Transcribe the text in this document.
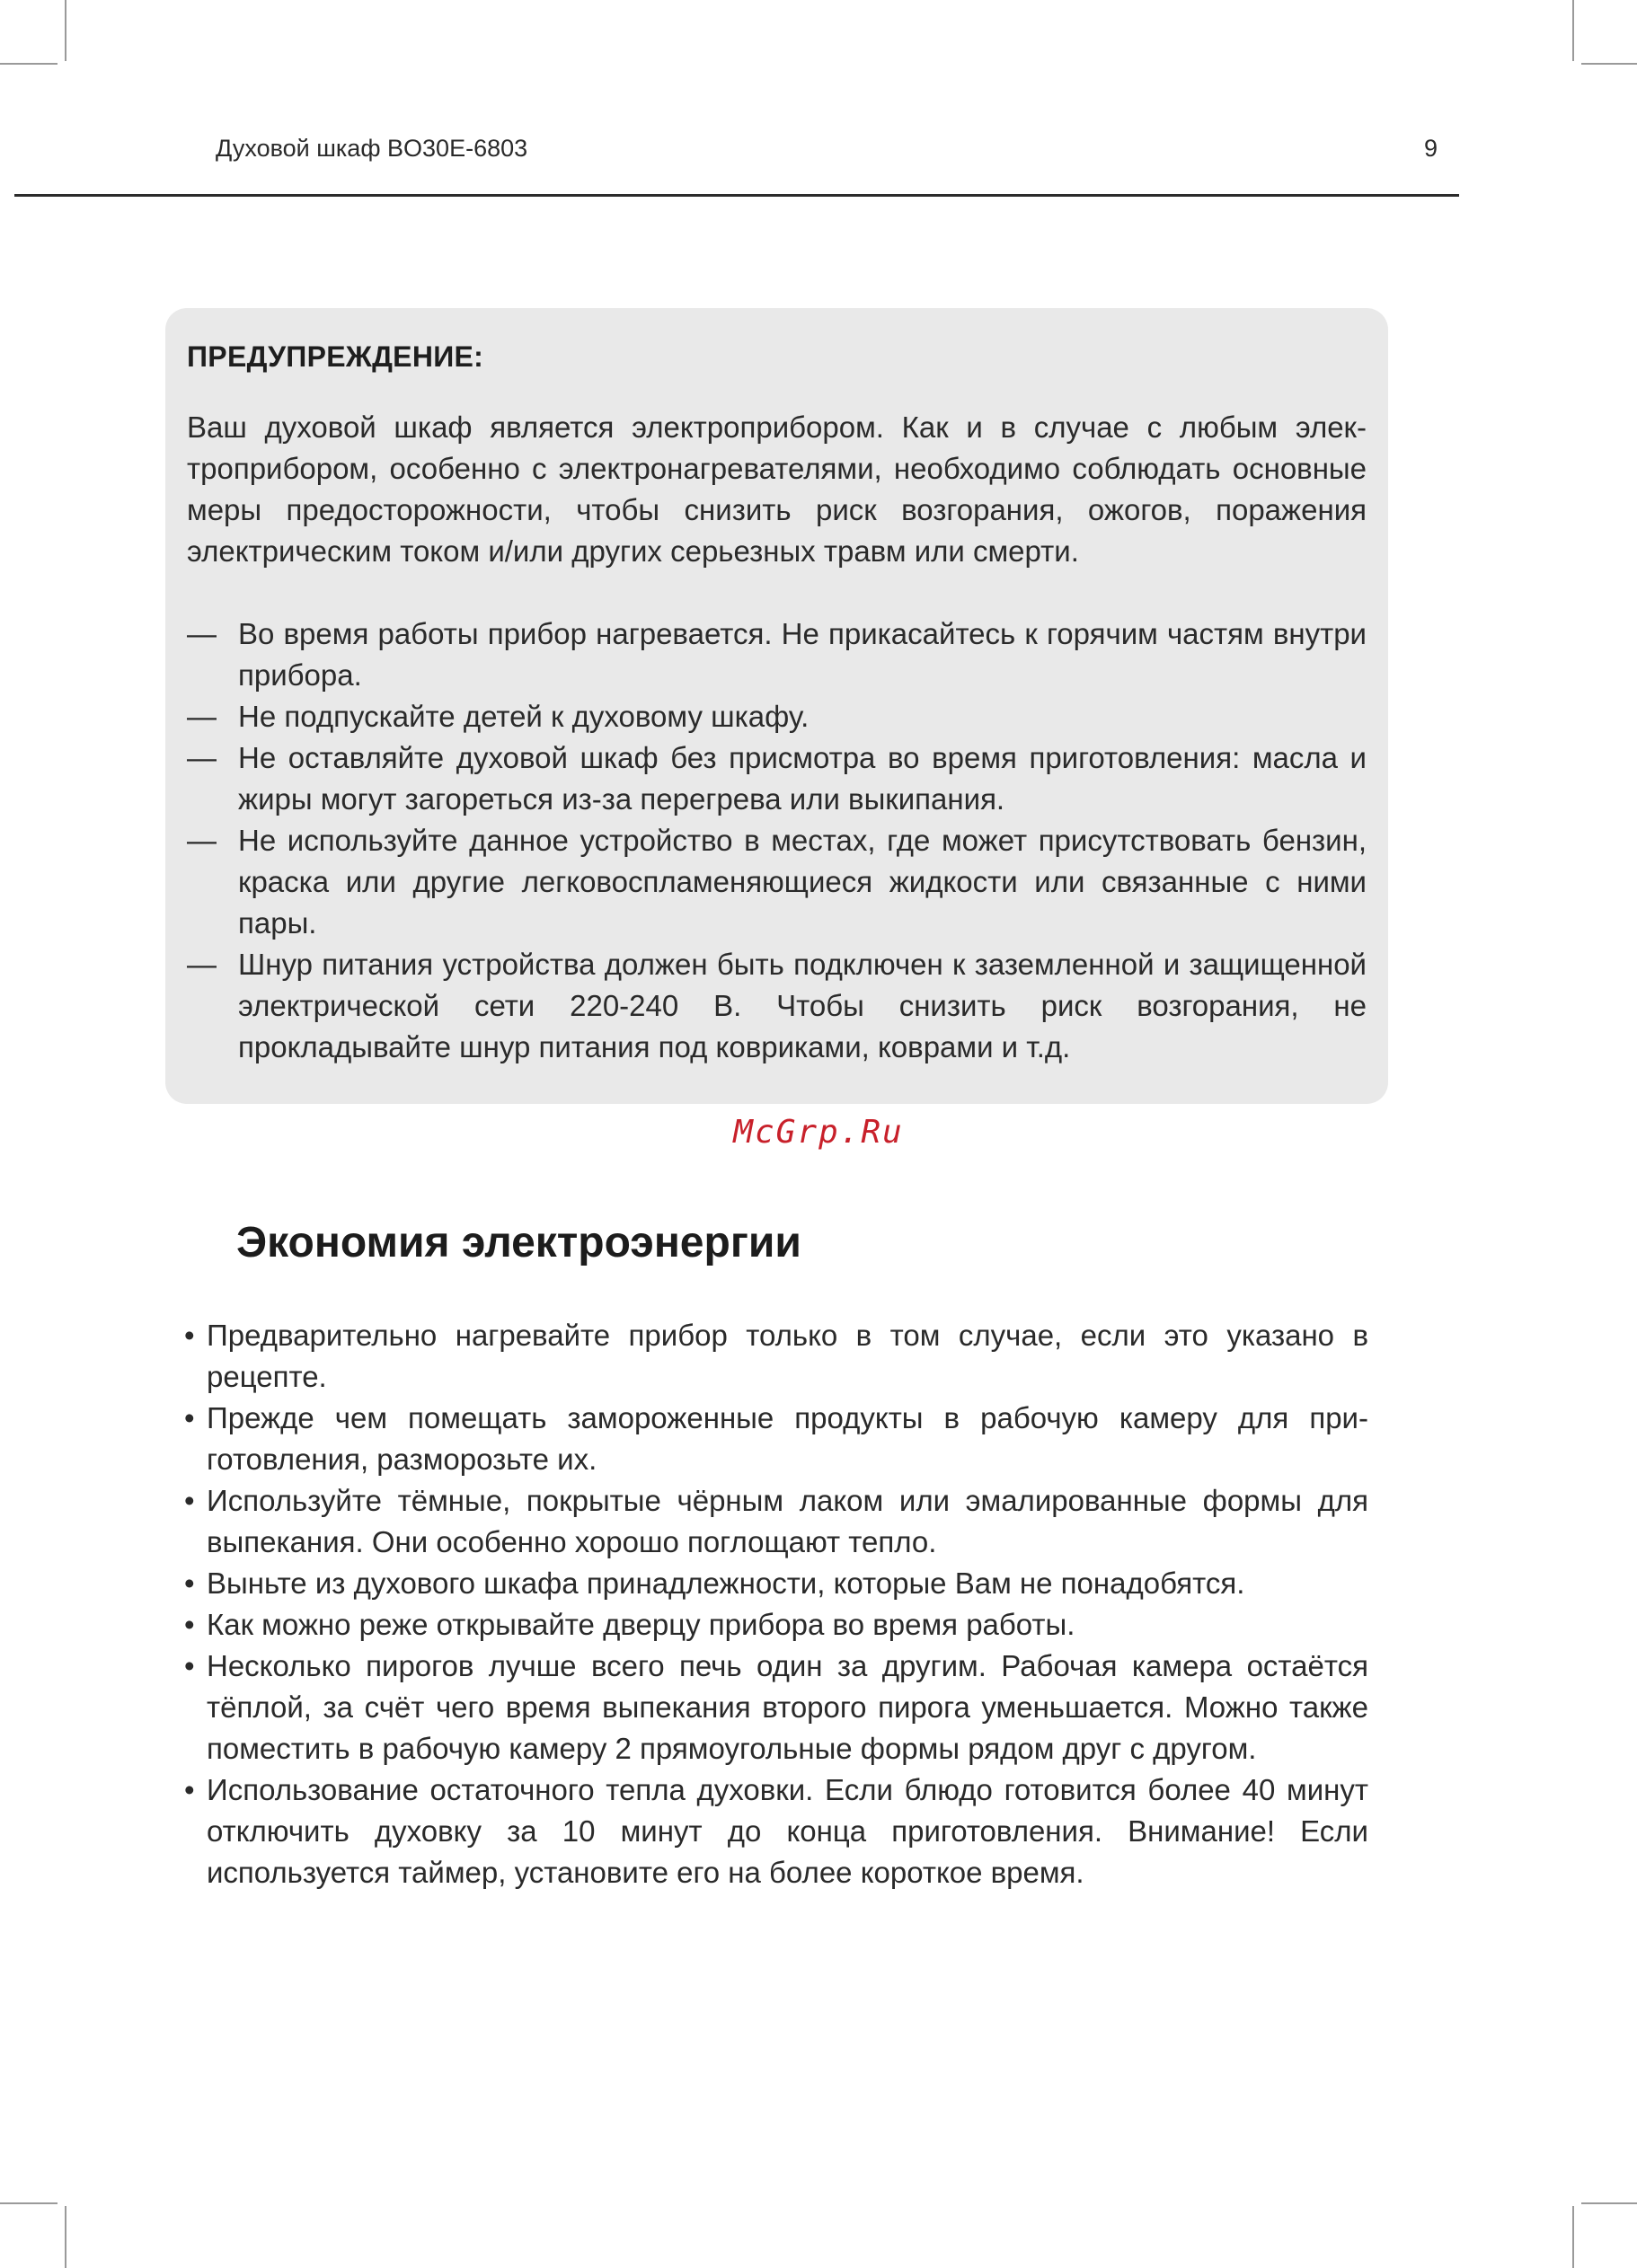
Духовой шкаф BO30E-6803	9

ПРЕДУПРЕЖДЕНИЕ:

Ваш духовой шкаф является электроприбором. Как и в случае с любым электроприбором, особенно с электронагревателями, необходимо соблюдать основные меры предосторожности, чтобы снизить риск возгорания, ожогов, поражения электрическим током и/или других серьезных травм или смерти.

— Во время работы прибор нагревается. Не прикасайтесь к горячим частям внутри прибора.
— Не подпускайте детей к духовому шкафу.
— Не оставляйте духовой шкаф без присмотра во время приготовления: масла и жиры могут загореться из-за перегрева или выкипания.
— Не используйте данное устройство в местах, где может присутствовать бензин, краска или другие легковоспламеняющиеся жидкости или связанные с ними пары.
— Шнур питания устройства должен быть подключен к заземленной и защищенной электрической сети 220-240 В. Чтобы снизить риск возгорания, не прокладывайте шнур питания под ковриками, коврами и т.д.
McGrp.Ru
Экономия электроэнергии
• Предварительно нагревайте прибор только в том случае, если это указано в рецепте.
• Прежде чем помещать замороженные продукты в рабочую камеру для приготовления, разморозьте их.
• Используйте тёмные, покрытые чёрным лаком или эмалированные формы для выпекания. Они особенно хорошо поглощают тепло.
• Выньте из духового шкафа принадлежности, которые Вам не понадобятся.
• Как можно реже открывайте дверцу прибора во время работы.
• Несколько пирогов лучше всего печь один за другим. Рабочая камера остаётся тёплой, за счёт чего время выпекания второго пирога уменьшается. Можно также поместить в рабочую камеру 2 прямоугольные формы рядом друг с другом.
• Использование остаточного тепла духовки. Если блюдо готовится более 40 минут отключить духовку за 10 минут до конца приготовления. Внимание! Если используется таймер, установите его на более короткое время.
